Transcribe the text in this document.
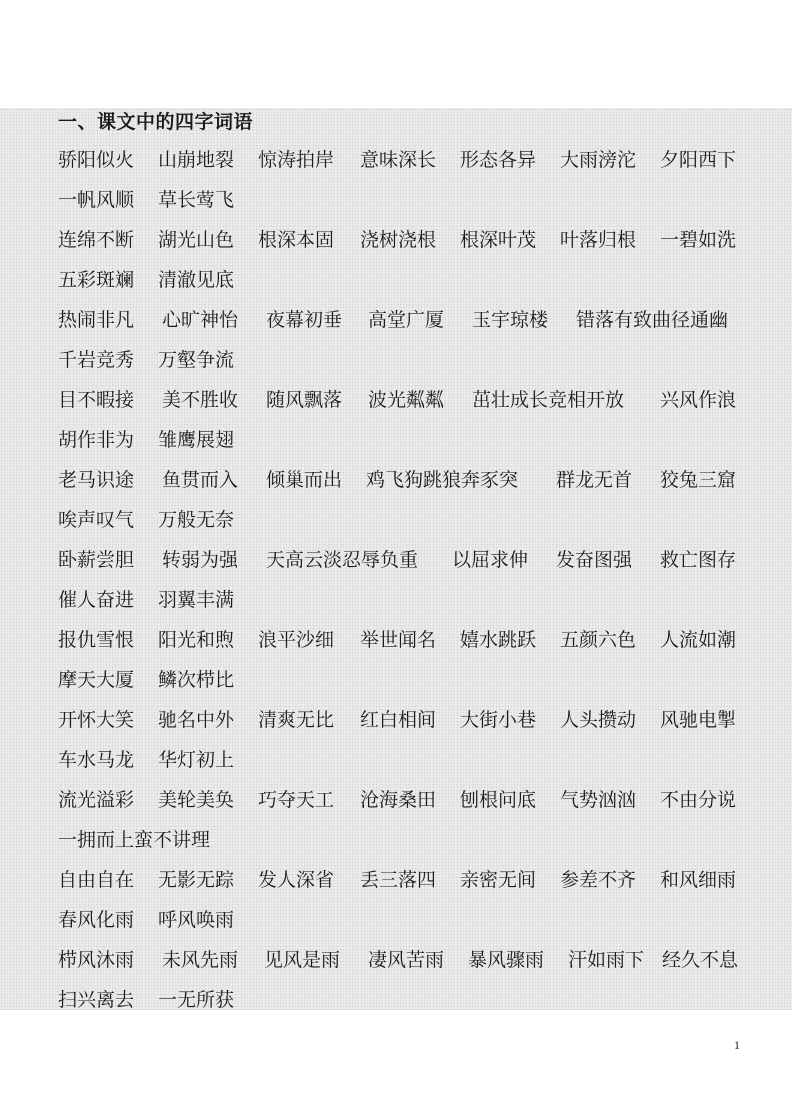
一、课文中的四字词语
骄阳似火 山崩地裂 惊涛拍岸 意味深长 形态各异 大雨滂沱 夕阳西下
一帆风顺 草长莺飞
连绵不断 湖光山色 根深本固 浇树浇根 根深叶茂 叶落归根 一碧如洗
五彩斑斓 清澈见底
热闹非凡 心旷神怡 夜幕初垂 高堂广厦 玉宇琼楼 错落有致曲径通幽
千岩竞秀 万壑争流
目不暇接 美不胜收 随风飘落 波光粼粼 茁壮成长竞相开放 兴风作浪
胡作非为 雏鹰展翅
老马识途 鱼贯而入 倾巢而出 鸡飞狗跳狼奔豕突 群龙无首 狡兔三窟
唉声叹气 万般无奈
卧薪尝胆 转弱为强 天高云淡忍辱负重 以屈求伸 发奋图强 救亡图存
催人奋进 羽翼丰满
报仇雪恨 阳光和煦 浪平沙细 举世闻名 嬉水跳跃 五颜六色 人流如潮
摩天大厦 鳞次栉比
开怀大笑 驰名中外 清爽无比 红白相间 大街小巷 人头攒动 风驰电掣
车水马龙 华灯初上
流光溢彩 美轮美奂 巧夺天工 沧海桑田 刨根问底 气势汹汹 不由分说
一拥而上蛮不讲理
自由自在 无影无踪 发人深省 丢三落四 亲密无间 参差不齐 和风细雨
春风化雨 呼风唤雨
栉风沐雨 未风先雨 见风是雨 凄风苦雨 暴风骤雨 汗如雨下 经久不息
扫兴离去 一无所获
1
